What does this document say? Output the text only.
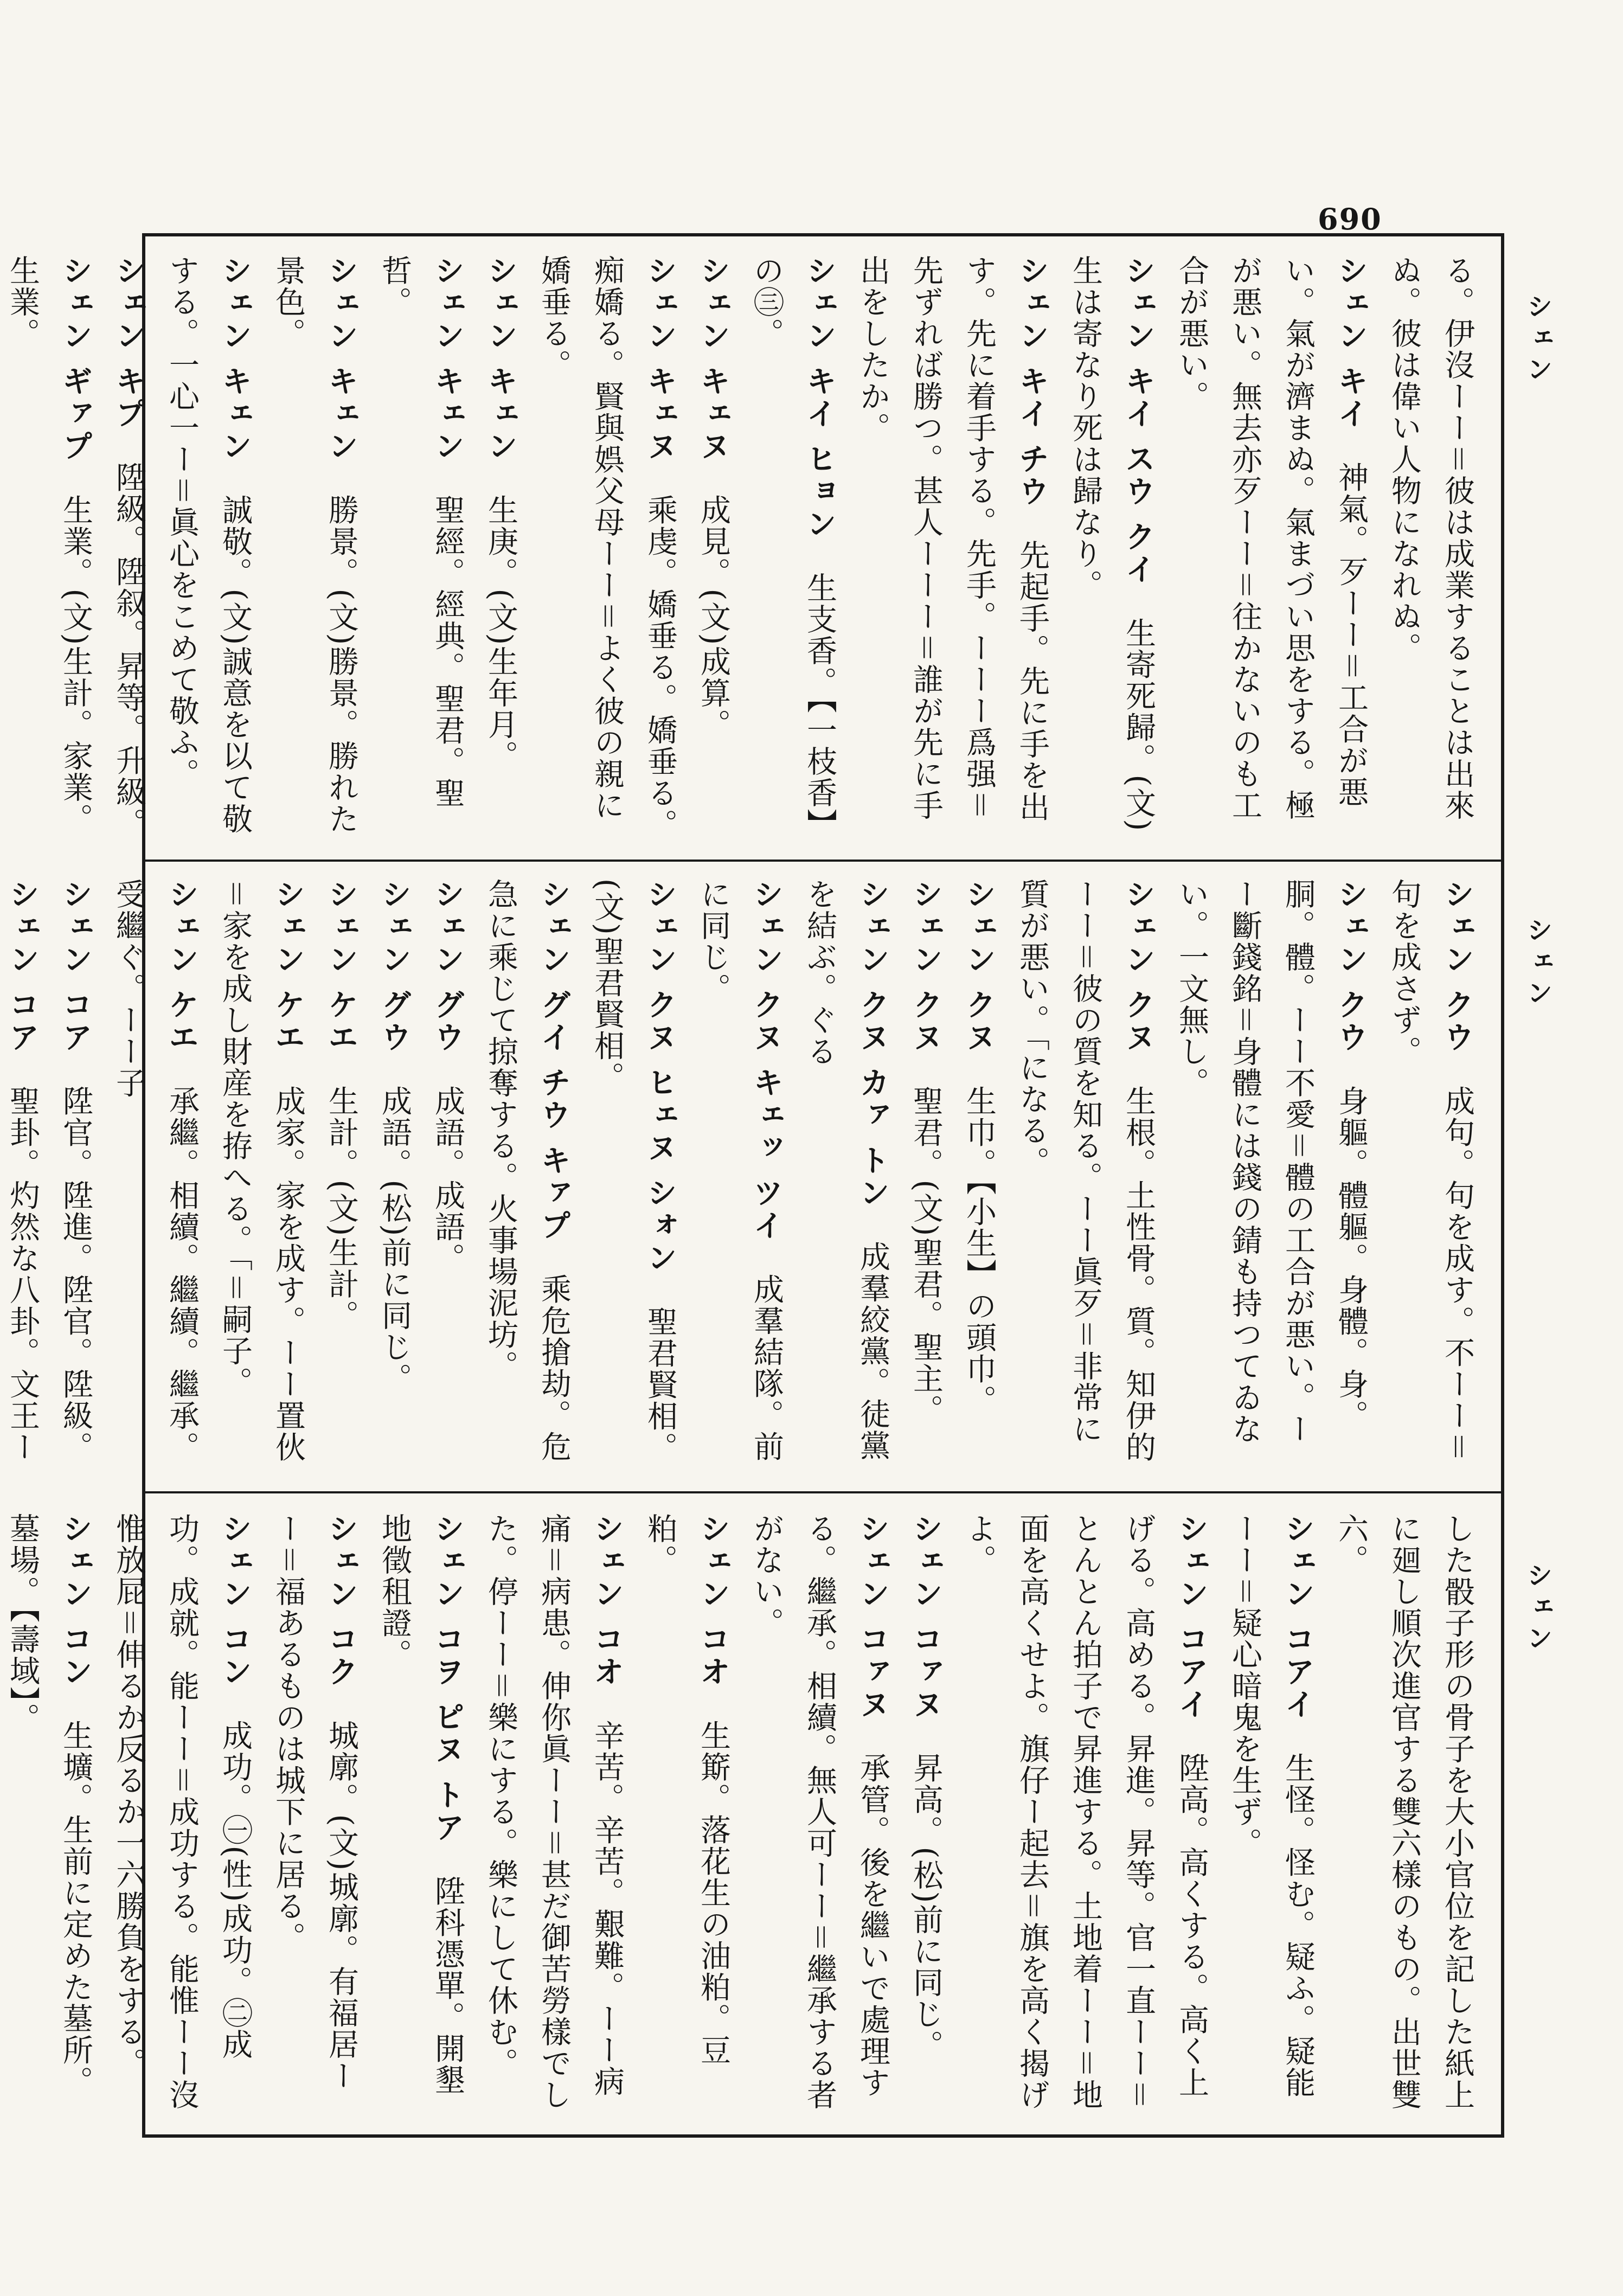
690
シェン
シェン
シェン
る。伊沒ーー＝彼は成業することは出來ぬ。彼は偉い人物になれぬ。
シェン キイ　神氣。歹ーー＝工合が悪い。氣が濟まぬ。氣まづい思をする。極が悪い。無去亦歹ーー＝往かないのも工合が悪い。
シェン キイ スウ クイ　生寄死歸。(文)生は寄なり死は歸なり。
シェン キイ チウ　先起手。先に手を出す。先に着手する。先手。ーーー爲强＝先ずれば勝つ。甚人ーーー＝誰が先に手出をしたか。
シェン キイ ヒョン　生支香。【一枝香】の㊂。
シェン キェヌ　成見。(文)成算。
シェン キェヌ　乘虔。嬌垂る。嬌垂る。痴嬌る。賢與娯父母ーー＝よく彼の親に嬌垂る。
シェン キェン　生庚。(文)生年月。
シェン キェン　聖經。經典。聖君。聖哲。
シェン キェン　勝景。(文)勝景。勝れた景色。
シェン キェン　誠敬。(文)誠意を以て敬する。一心一ー＝眞心をこめて敬ふ。
シェン キプ　陞級。陞叙。昇等。升級。
シェン ギァプ　生業。(文)生計。家業。生業。

シェン クウ　成句。句を成す。不ーー＝句を成さず。
シェン クウ　身軀。體軀。身體。身。胴。體。ーー不愛＝體の工合が悪い。ーー斷錢銘＝身體には錢の錆も持つてゐない。一文無し。
シェン クヌ　生根。土性骨。質。知伊的ーー＝彼の質を知る。ーー眞歹＝非常に質が悪い。「になる。
シェン クヌ　生巾。【小生】の頭巾。
シェン クヌ　聖君。(文)聖君。聖主。
シェン クヌ カァ トン　成羣絞黨。徒黨を結ぶ。ぐる
シェン クヌ キェッ ツイ　成羣結隊。前に同じ。
シェン クヌ ヒェヌ シォン　聖君賢相。(文)聖君賢相。
シェン グイ チウ キァプ　乘危搶劫。危急に乘じて掠奪する。火事場泥坊。
シェン グウ　成語。成語。
シェン グウ　成語。(松)前に同じ。
シェン ケエ　生計。(文)生計。
シェン ケエ　成家。家を成す。ーー置伙＝家を成し財産を拵へる。「＝嗣子。
シェン ケエ　承繼。相續。繼續。繼承。受繼ぐ。ーー子
シェン コア　陞官。陞進。陞官。陞級。
シェン コア　聖卦。灼然な八卦。文王ー

した骰子形の骨子を大小官位を記した紙上に廻し順次進官する雙六樣のもの。出世雙六。
シェン コアイ　生怪。怪む。疑ふ。疑能ーー＝疑心暗鬼を生ず。
シェン コアイ　陞高。高くする。高く上げる。高める。昇進。昇等。官一直ーー＝とんとん拍子で昇進する。土地着ーー＝地面を高くせよ。旗仔ー起去＝旗を高く揭げよ。
シェン コァヌ　昇高。(松)前に同じ。
シェン コァヌ　承管。後を繼いで處理する。繼承。相續。無人可ーー＝繼承する者がない。
シェン コオ　生簛。落花生の油粕。豆粕。
シェン コオ　辛苦。辛苦。艱難。ーー病痛＝病患。伸你眞ーー＝甚だ御苦勞樣でした。停ーー＝樂にする。樂にして休む。
シェン コヲ ピヌ トア　陞科憑單。開墾地徵租證。
シェン コク　城廓。(文)城廓。有福居ーー＝福あるものは城下に居る。
シェン コン　成功。㊀(性)成功。㊁成功。成就。能ーー＝成功する。能惟ーー沒惟放屁＝伸るか反るか一六勝負をする。
シェン コン　生壙。生前に定めた墓所。墓場。【壽域】。
